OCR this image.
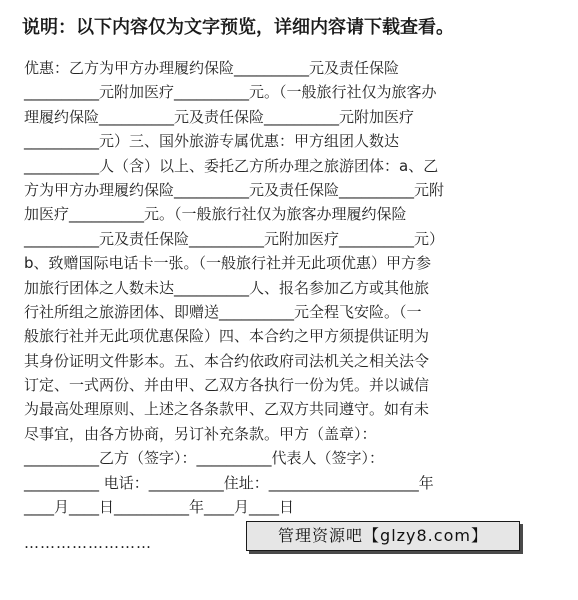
说明：以下内容仅为文字预览，详细内容请下载查看。
优惠：乙方为甲方办理履约保险__________元及责任保险
__________元附加医疗__________元。（一般旅行社仅为旅客办
理履约保险__________元及责任保险__________元附加医疗
__________元）三、国外旅游专属优惠：甲方组团人数达
__________人（含）以上、委托乙方所办理之旅游团体：a、乙
方为甲方办理履约保险__________元及责任保险__________元附
加医疗__________元。（一般旅行社仅为旅客办理履约保险
__________元及责任保险__________元附加医疗__________元）
b、致赠国际电话卡一张。（一般旅行社并无此项优惠）甲方参
加旅行团体之人数未达__________人、报名参加乙方或其他旅
行社所组之旅游团体、即赠送__________元全程飞安险。（一
般旅行社并无此项优惠保险）四、本合约之甲方须提供证明为
其身份证明文件影本。五、本合约依政府司法机关之相关法令
订定、一式两份、并由甲、乙双方各执行一份为凭。并以诚信
为最高处理原则、上述之各条款甲、乙双方共同遵守。如有未
尽事宜，由各方协商，另订补充条款。甲方（盖章）：
__________乙方（签字）：__________代表人（签字）：
__________ 电话：__________住址：____________________年
____月____日__________年____月____日
……………………	管理资源吧【glzy8.com】
